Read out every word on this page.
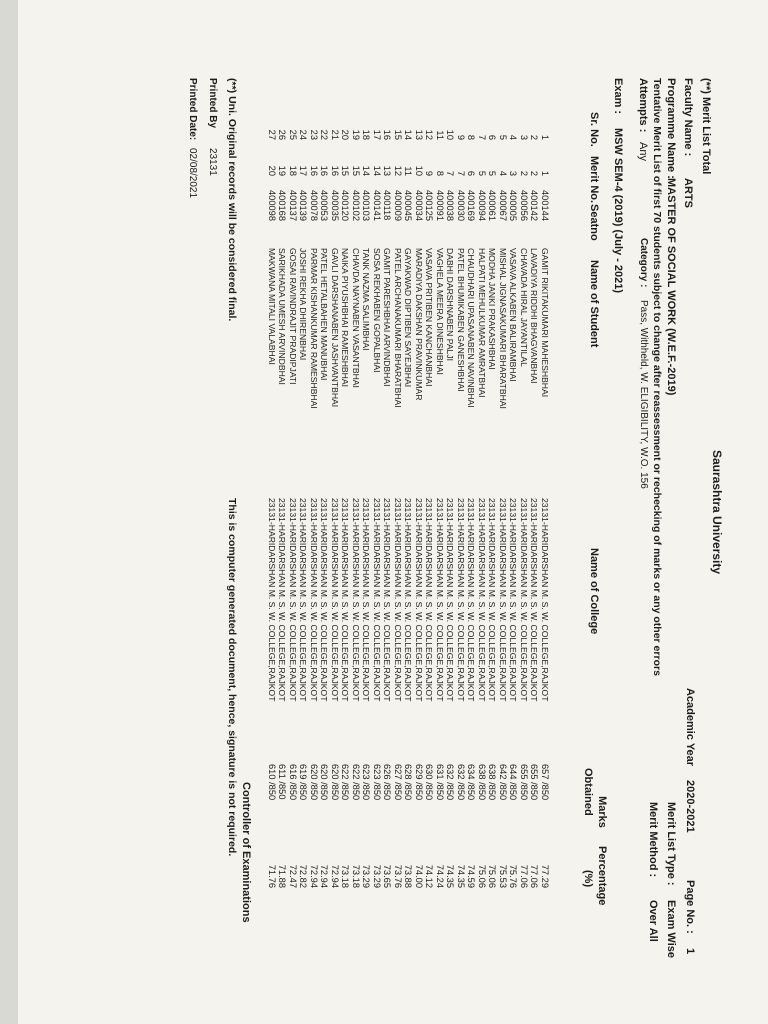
Saurashtra University
(**) Merit List Total
Faculty Name :
ARTS
Academic Year
2020-2021
Page No. :
1
Programme Name :
MASTER OF SOCIAL WORK (W.E.F.-2019)
Merit List Type :
Exam Wise
Tentative Merit List of first 70 students subject to change after reassessment or rechecking of marks or any other errors
Merit Method :
Over All
Attempts :
Any
Category :
Pass, Withheld, W. ELIGIBILITY, W.O. 156
Exam :
MSW SEM-4 (2019) (July - 2021)
Sr. No.
Merit No.
Seatno
Name of Student
Name of College
Marks
Obtained
Percentage
(%)
1
1
400144
GAMIT RIKITAKUMARI MAHESHBHAI
23131-HARIDARSHAN M. S. W. COLLEGE,RAJKOT
657 /850
77.29
2
2
400142
LAVADIYA RIDDHI BHAGVANBHAI
23131-HARIDARSHAN M. S. W. COLLEGE,RAJKOT
655 /850
77.06
3
2
400056
CHAVADA HIRAL JAYANTILAL
23131-HARIDARSHAN M. S. W. COLLEGE,RAJKOT
655 /850
77.06
4
3
400005
VASAVA ALKABEN BALIRAMBHAI
23131-HARIDARSHAN M. S. W. COLLEGE,RAJKOT
644 /850
75.76
5
4
400067
MISHAL JIGNASAKUMARI BHARATBHAI
23131-HARIDARSHAN M. S. W. COLLEGE,RAJKOT
642 /850
75.53
6
5
400061
MODHA JANKI PRAKASHBHAI
23131-HARIDARSHAN M. S. W. COLLEGE,RAJKOT
638 /850
75.06
7
5
400094
HALPATI MEHULKUMAR AMRATBHAI
23131-HARIDARSHAN M. S. W. COLLEGE,RAJKOT
638 /850
75.06
8
6
400169
CHAUDHARI UPASANABEN NAVINBHAI
23131-HARIDARSHAN M. S. W. COLLEGE,RAJKOT
634 /850
74.59
9
7
400030
PATEL BHUMIKABEN GANESHBHAI
23131-HARIDARSHAN M. S. W. COLLEGE,RAJKOT
632 /850
74.35
10
7
400038
DABHI DARSHNABEN PALJI
23131-HARIDARSHAN M. S. W. COLLEGE,RAJKOT
632 /850
74.35
11
8
400091
VAGHELA MEERA DINESHBHAI
23131-HARIDARSHAN M. S. W. COLLEGE,RAJKOT
631 /850
74.24
12
9
400125
VASAVA PRITIBEN KANCHANBHAI
23131-HARIDARSHAN M. S. W. COLLEGE,RAJKOT
630 /850
74.12
13
10
400034
MARADIYA DAKSHAN PRAVINKUMAR
23131-HARIDARSHAN M. S. W. COLLEGE,RAJKOT
629 /850
74.00
14
11
400045
GAYAKWAD DIPTIBEN SAYEJBHAI
23131-HARIDARSHAN M. S. W. COLLEGE,RAJKOT
628 /850
73.88
15
12
400009
PATEL ARCHANAKUMARI BHARATBHAI
23131-HARIDARSHAN M. S. W. COLLEGE,RAJKOT
627 /850
73.76
16
13
400118
GAMIT PARESHBHAI ARVINDBHAI
23131-HARIDARSHAN M. S. W. COLLEGE,RAJKOT
626 /850
73.65
17
14
400141
SOSA REKHABEN GOPALBHAI
23131-HARIDARSHAN M. S. W. COLLEGE,RAJKOT
623 /850
73.29
18
14
400103
TANK NAZMA SALIMBHAI
23131-HARIDARSHAN M. S. W. COLLEGE,RAJKOT
623 /850
73.29
19
15
400102
CHAVDA NAYNABEN VASANTBHAI
23131-HARIDARSHAN M. S. W. COLLEGE,RAJKOT
622 /850
73.18
20
15
400120
NAIKA PIYUSHBHAI RAMESHBHAI
23131-HARIDARSHAN M. S. W. COLLEGE,RAJKOT
622 /850
73.18
21
16
400035
GAVLI DARSHANABEN JASHVANTBHAI
23131-HARIDARSHAN M. S. W. COLLEGE,RAJKOT
620 /850
72.94
22
16
400053
PATEL HETALBAHEN MANUBHAI
23131-HARIDARSHAN M. S. W. COLLEGE,RAJKOT
620 /850
72.94
23
16
400078
PARMAR KISHANKUMAR RAMESHBHAI
23131-HARIDARSHAN M. S. W. COLLEGE,RAJKOT
620 /850
72.94
24
17
400139
JOSHI REKHA DHIRENBHAI
23131-HARIDARSHAN M. S. W. COLLEGE,RAJKOT
619 /850
72.82
25
18
400137
GOSAI RAVINDRAJIT PRADIPJATI
23131-HARIDARSHAN M. S. W. COLLEGE,RAJKOT
616 /850
72.47
26
19
400168
SARIKHADA UMESH ARVINDBHAI
23131-HARIDARSHAN M. S. W. COLLEGE,RAJKOT
611 /850
71.88
27
20
400098
MAKWANA MITALI VALABHAI
23131-HARIDARSHAN M. S. W. COLLEGE,RAJKOT
610 /850
71.76
Controller of Examinations
This is computer generated document, hence, signature is not required.
(**) Uni. Original records will be considered final.
Printed By
23131
Printed Date:
02/08/2021
